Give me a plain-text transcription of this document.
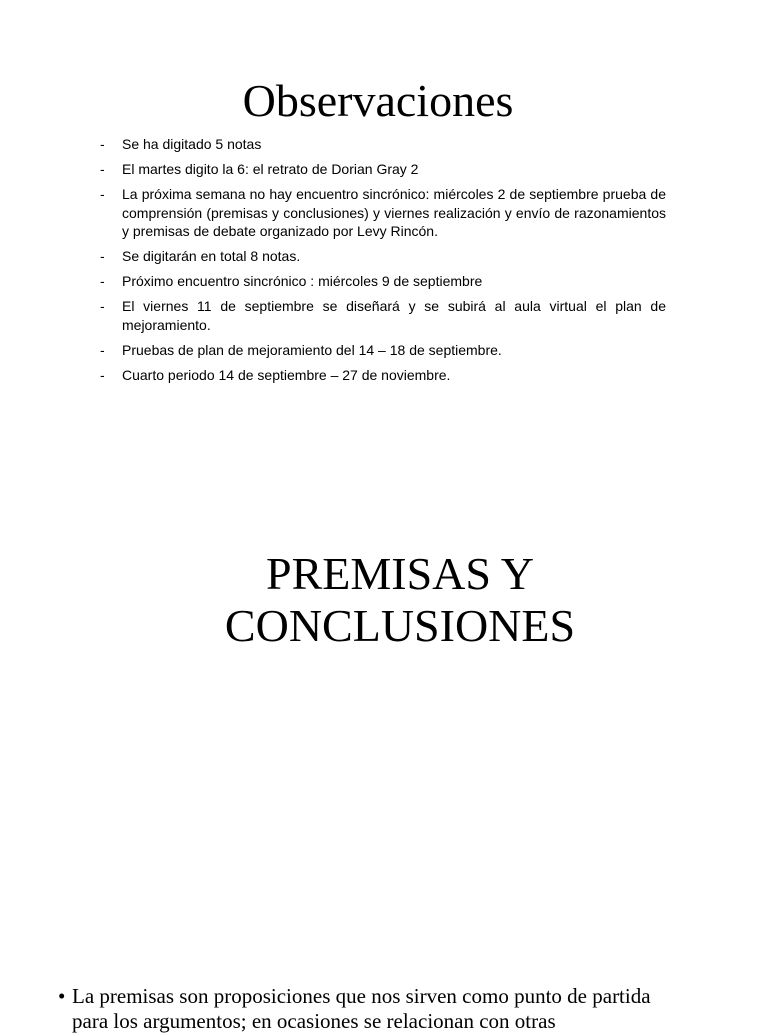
Observaciones
- Se ha digitado 5 notas
- El martes digito la 6: el retrato de Dorian Gray 2
- La próxima semana no hay encuentro sincrónico: miércoles 2 de septiembre prueba de comprensión (premisas y conclusiones) y viernes realización y envío de razonamientos y premisas de debate organizado por Levy Rincón.
- Se digitarán en total 8 notas.
- Próximo encuentro sincrónico : miércoles 9 de septiembre
- El viernes 11 de septiembre se diseñará y se subirá al aula virtual el plan de mejoramiento.
- Pruebas de plan de mejoramiento del 14 – 18 de septiembre.
- Cuarto periodo 14 de septiembre – 27 de noviembre.
PREMISAS Y
CONCLUSIONES

• La premisas son proposiciones que nos sirven como punto de partida
para los argumentos; en ocasiones se relacionan con otras
